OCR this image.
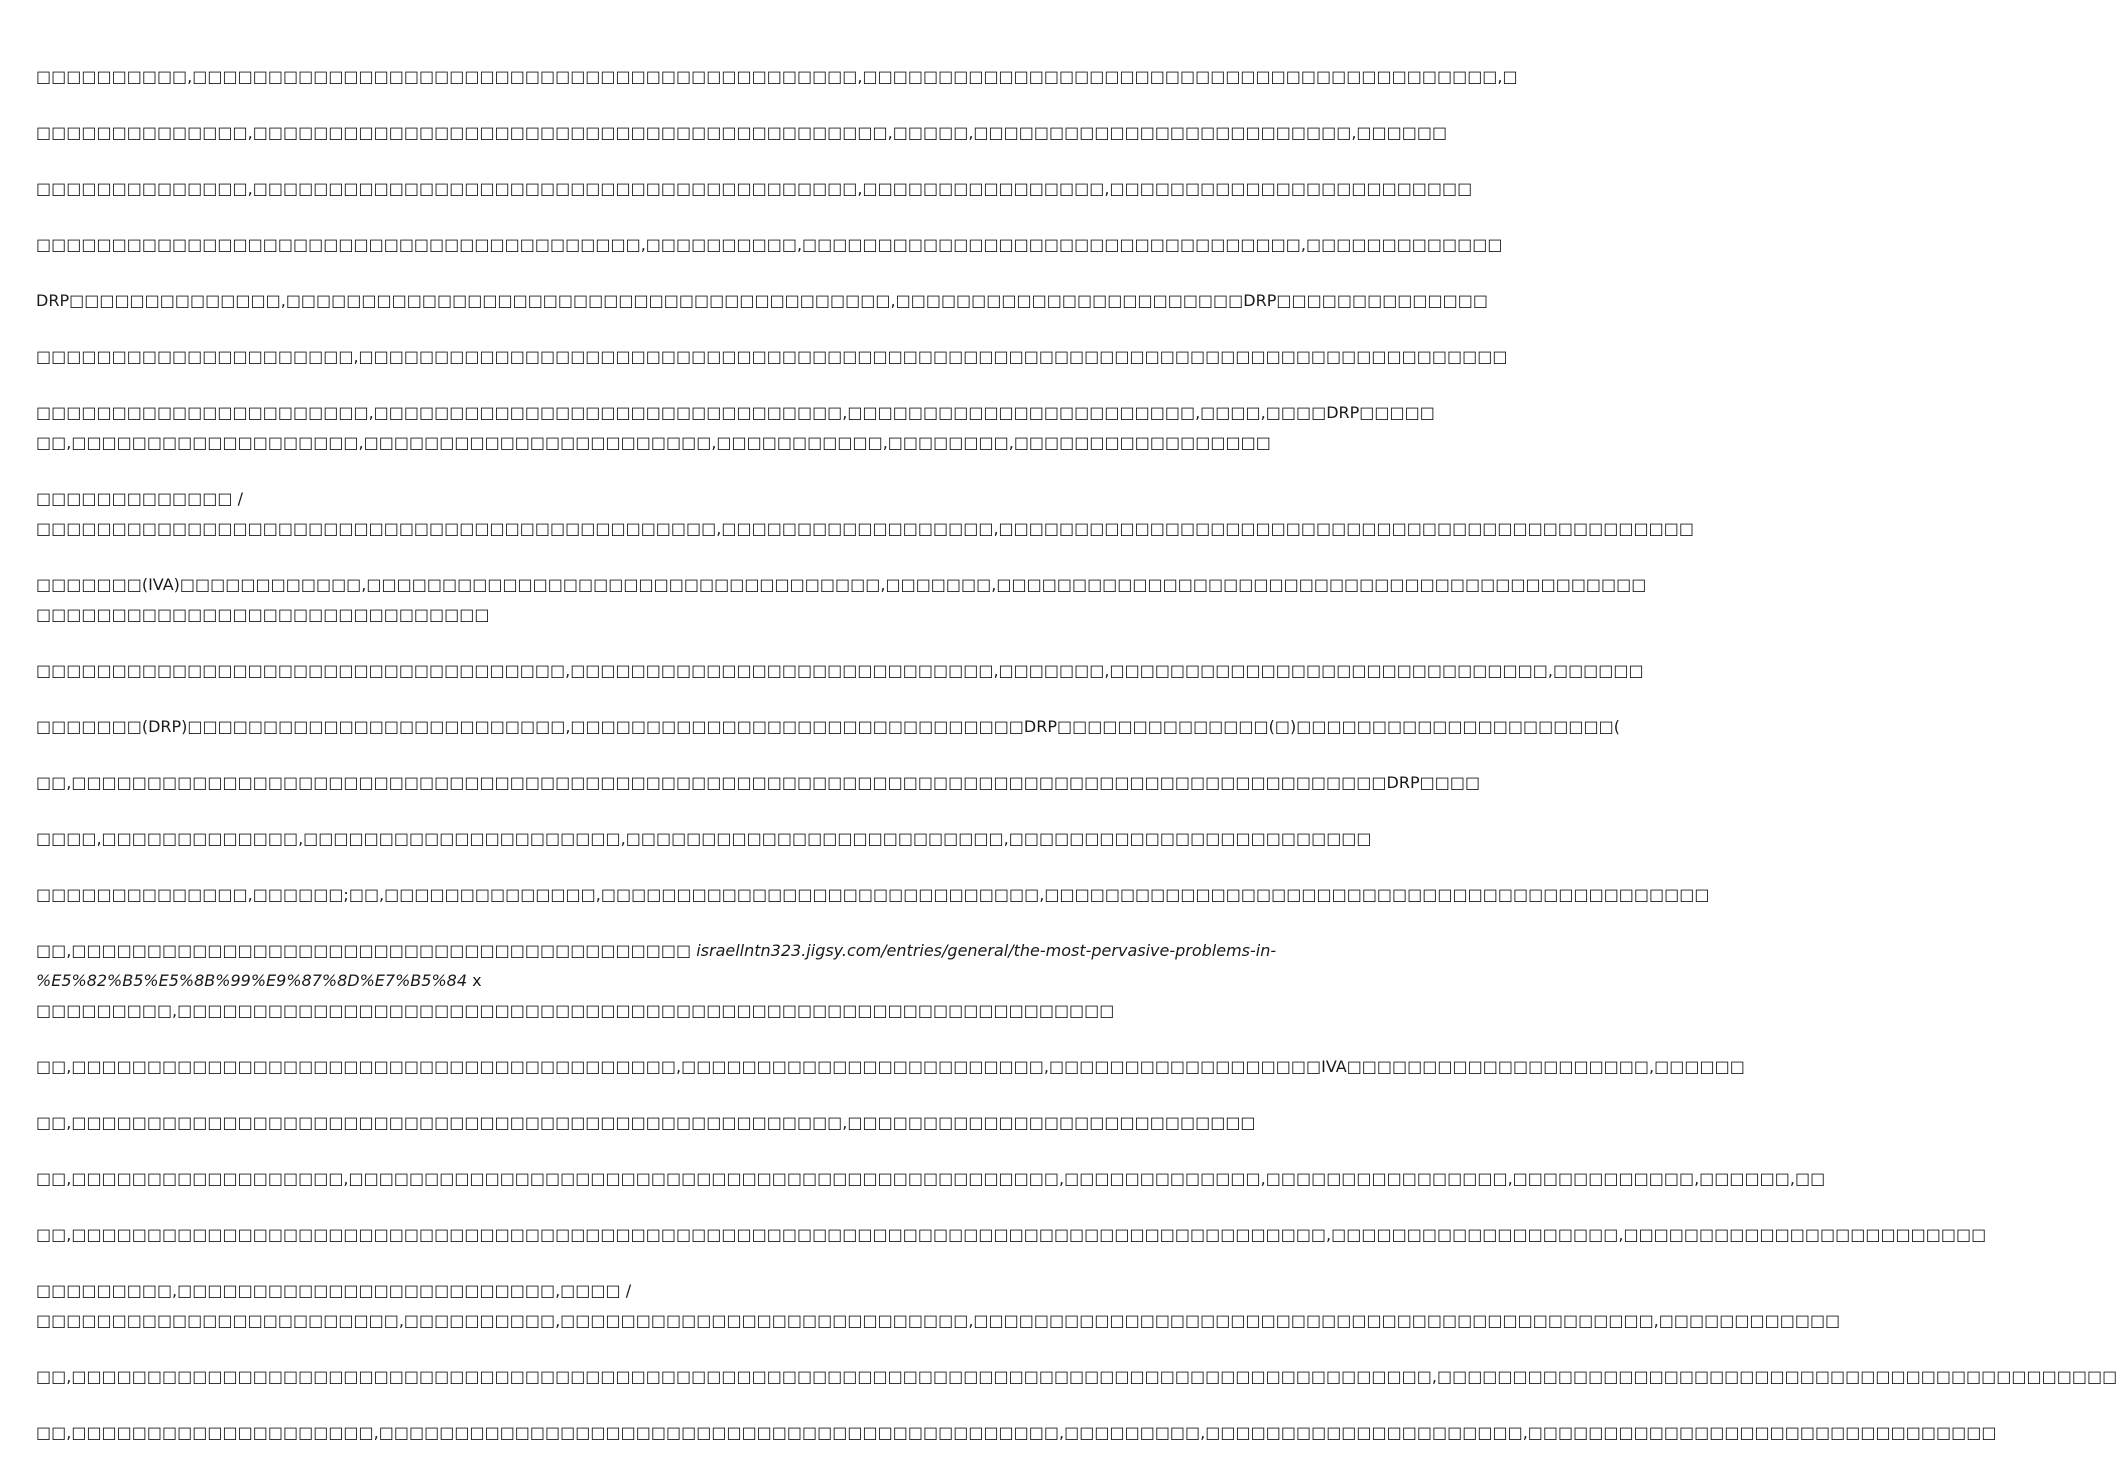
□□□□□□□□□□,□□□□□□□□□□□□□□□□□□□□□□□□□□□□□□□□□□□□□□□□□□□□,□□□□□□□□□□□□□□□□□□□□□□□□□□□□□□□□□□□□□□□□□□,□

□□□□□□□□□□□□□□,□□□□□□□□□□□□□□□□□□□□□□□□□□□□□□□□□□□□□□□□□□,□□□□□,□□□□□□□□□□□□□□□□□□□□□□□□□,□□□□□□

□□□□□□□□□□□□□□,□□□□□□□□□□□□□□□□□□□□□□□□□□□□□□□□□□□□□□□□,□□□□□□□□□□□□□□□□,□□□□□□□□□□□□□□□□□□□□□□□□

□□□□□□□□□□□□□□□□□□□□□□□□□□□□□□□□□□□□□□□□,□□□□□□□□□□,□□□□□□□□□□□□□□□□□□□□□□□□□□□□□□□□□,□□□□□□□□□□□□□

DRP□□□□□□□□□□□□□□,□□□□□□□□□□□□□□□□□□□□□□□□□□□□□□□□□□□□□□□□,□□□□□□□□□□□□□□□□□□□□□□□DRP□□□□□□□□□□□□□□

□□□□□□□□□□□□□□□□□□□□□,□□□□□□□□□□□□□□□□□□□□□□□□□□□□□□□□□□□□□□□□□□□□□□□□□□□□□□□□□□□□□□□□□□□□□□□□□□□□

□□□□□□□□□□□□□□□□□□□□□□,□□□□□□□□□□□□□□□□□□□□□□□□□□□□□□□,□□□□□□□□□□□□□□□□□□□□□□□,□□□□,□□□□DRP□□□□□
□□,□□□□□□□□□□□□□□□□□□□,□□□□□□□□□□□□□□□□□□□□□□□,□□□□□□□□□□□,□□□□□□□□,□□□□□□□□□□□□□□□□□

□□□□□□□□□□□□□ /
□□□□□□□□□□□□□□□□□□□□□□□□□□□□□□□□□□□□□□□□□□□□□,□□□□□□□□□□□□□□□□□□,□□□□□□□□□□□□□□□□□□□□□□□□□□□□□□□□□□□□□□□□□□□□□□

□□□□□□□(IVA)□□□□□□□□□□□□,□□□□□□□□□□□□□□□□□□□□□□□□□□□□□□□□□□,□□□□□□□,□□□□□□□□□□□□□□□□□□□□□□□□□□□□□□□□□□□□□□□□□□□
□□□□□□□□□□□□□□□□□□□□□□□□□□□□□□

□□□□□□□□□□□□□□□□□□□□□□□□□□□□□□□□□□□,□□□□□□□□□□□□□□□□□□□□□□□□□□□□,□□□□□□□,□□□□□□□□□□□□□□□□□□□□□□□□□□□□□,□□□□□□

□□□□□□□(DRP)□□□□□□□□□□□□□□□□□□□□□□□□□,□□□□□□□□□□□□□□□□□□□□□□□□□□□□□□DRP□□□□□□□□□□□□□□(□)□□□□□□□□□□□□□□□□□□□□□(

□□,□□□□□□□□□□□□□□□□□□□□□□□□□□□□□□□□□□□□□□□□□□□□□□□□□□□□□□□□□□□□□□□□□□□□□□□□□□□□□□□□□□□□□□□DRP□□□□

□□□□,□□□□□□□□□□□□□,□□□□□□□□□□□□□□□□□□□□□,□□□□□□□□□□□□□□□□□□□□□□□□□,□□□□□□□□□□□□□□□□□□□□□□□□

□□□□□□□□□□□□□□,□□□□□□;□□,□□□□□□□□□□□□□□,□□□□□□□□□□□□□□□□□□□□□□□□□□□□□,□□□□□□□□□□□□□□□□□□□□□□□□□□□□□□□□□□□□□□□□□□□□

□□,□□□□□□□□□□□□□□□□□□□□□□□□□□□□□□□□□□□□□□□□□ israellntn323.jigsy.com/entries/general/the-most-pervasive-problems-in-
%E5%82%B5%E5%8B%99%E9%87%8D%E7%B5%84 x
□□□□□□□□□,□□□□□□□□□□□□□□□□□□□□□□□□□□□□□□□□□□□□□□□□□□□□□□□□□□□□□□□□□□□□□□

□□,□□□□□□□□□□□□□□□□□□□□□□□□□□□□□□□□□□□□□□□□,□□□□□□□□□□□□□□□□□□□□□□□□,□□□□□□□□□□□□□□□□□□IVA□□□□□□□□□□□□□□□□□□□□,□□□□□□

□□,□□□□□□□□□□□□□□□□□□□□□□□□□□□□□□□□□□□□□□□□□□□□□□□□□□□,□□□□□□□□□□□□□□□□□□□□□□□□□□□

□□,□□□□□□□□□□□□□□□□□□,□□□□□□□□□□□□□□□□□□□□□□□□□□□□□□□□□□□□□□□□□□□□□□□,□□□□□□□□□□□□□,□□□□□□□□□□□□□□□□,□□□□□□□□□□□□,□□□□□□,□□

□□,□□□□□□□□□□□□□□□□□□□□□□□□□□□□□□□□□□□□□□□□□□□□□□□□□□□□□□□□□□□□□□□□□□□□□□□□□□□□□□□□□□□,□□□□□□□□□□□□□□□□□□□,□□□□□□□□□□□□□□□□□□□□□□□□

□□□□□□□□□,□□□□□□□□□□□□□□□□□□□□□□□□□,□□□□ /
□□□□□□□□□□□□□□□□□□□□□□□□,□□□□□□□□□□,□□□□□□□□□□□□□□□□□□□□□□□□□□□,□□□□□□□□□□□□□□□□□□□□□□□□□□□□□□□□□□□□□□□□□□□□□,□□□□□□□□□□□□

□□,□□□□□□□□□□□□□□□□□□□□□□□□□□□□□□□□□□□□□□□□□□□□□□□□□□□□□□□□□□□□□□□□□□□□□□□□□□□□□□□□□□□□□□□□□□,□□□□□□□□□□□□□□□□□□□□□□□□□□□□□□□□□□□□□□□□□□□□□

□□,□□□□□□□□□□□□□□□□□□□□,□□□□□□□□□□□□□□□□□□□□□□□□□□□□□□□□□□□□□□□□□□□□□,□□□□□□□□□,□□□□□□□□□□□□□□□□□□□□□,□□□□□□□□□□□□□□□□□□□□□□□□□□□□□□□
